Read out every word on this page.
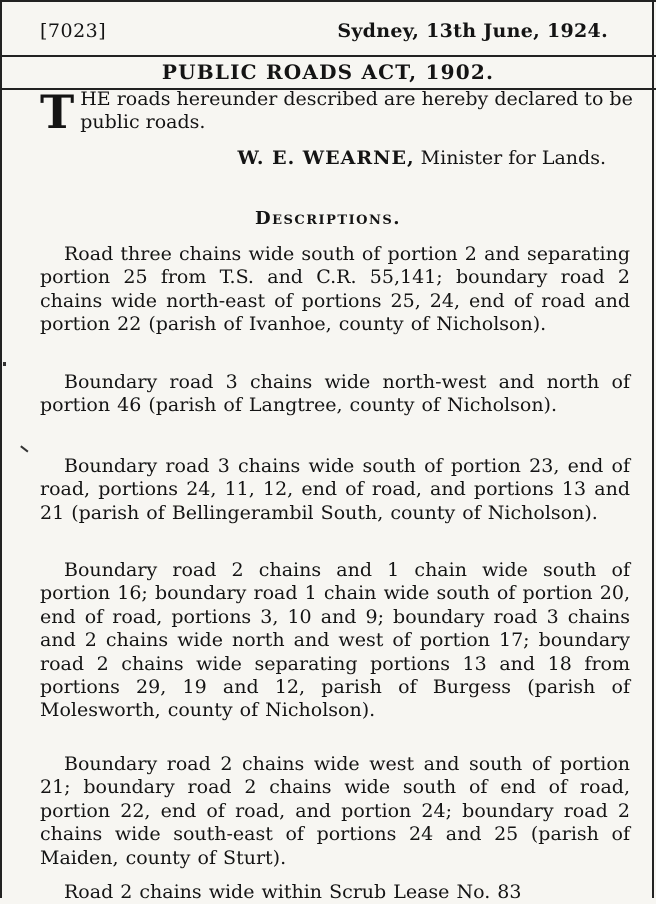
[7023]	Sydney, 13th June, 1924.
PUBLIC ROADS ACT, 1902.
THE roads hereunder described are hereby declared to be public roads.
W. E. WEARNE, Minister for Lands.
Descriptions.

Road three chains wide south of portion 2 and separating portion 25 from T.S. and C.R. 55,141; boundary road 2 chains wide north-east of portions 25, 24, end of road and portion 22 (parish of Ivanhoe, county of Nicholson).

Boundary road 3 chains wide north-west and north of portion 46 (parish of Langtree, county of Nicholson).

Boundary road 3 chains wide south of portion 23, end of road, portions 24, 11, 12, end of road, and portions 13 and 21 (parish of Bellingerambil South, county of Nicholson).

Boundary road 2 chains and 1 chain wide south of portion 16; boundary road 1 chain wide south of portion 20, end of road, portions 3, 10 and 9; boundary road 3 chains and 2 chains wide north and west of portion 17; boundary road 2 chains wide separating portions 13 and 18 from portions 29, 19 and 12, parish of Burgess (parish of Molesworth, county of Nicholson).

Boundary road 2 chains wide west and south of portion 21; boundary road 2 chains wide south of end of road, portion 22, end of road, and portion 24; boundary road 2 chains wide south-east of portions 24 and 25 (parish of Maiden, county of Sturt).

Road 2 chains wide within Scrub Lease No. 83
